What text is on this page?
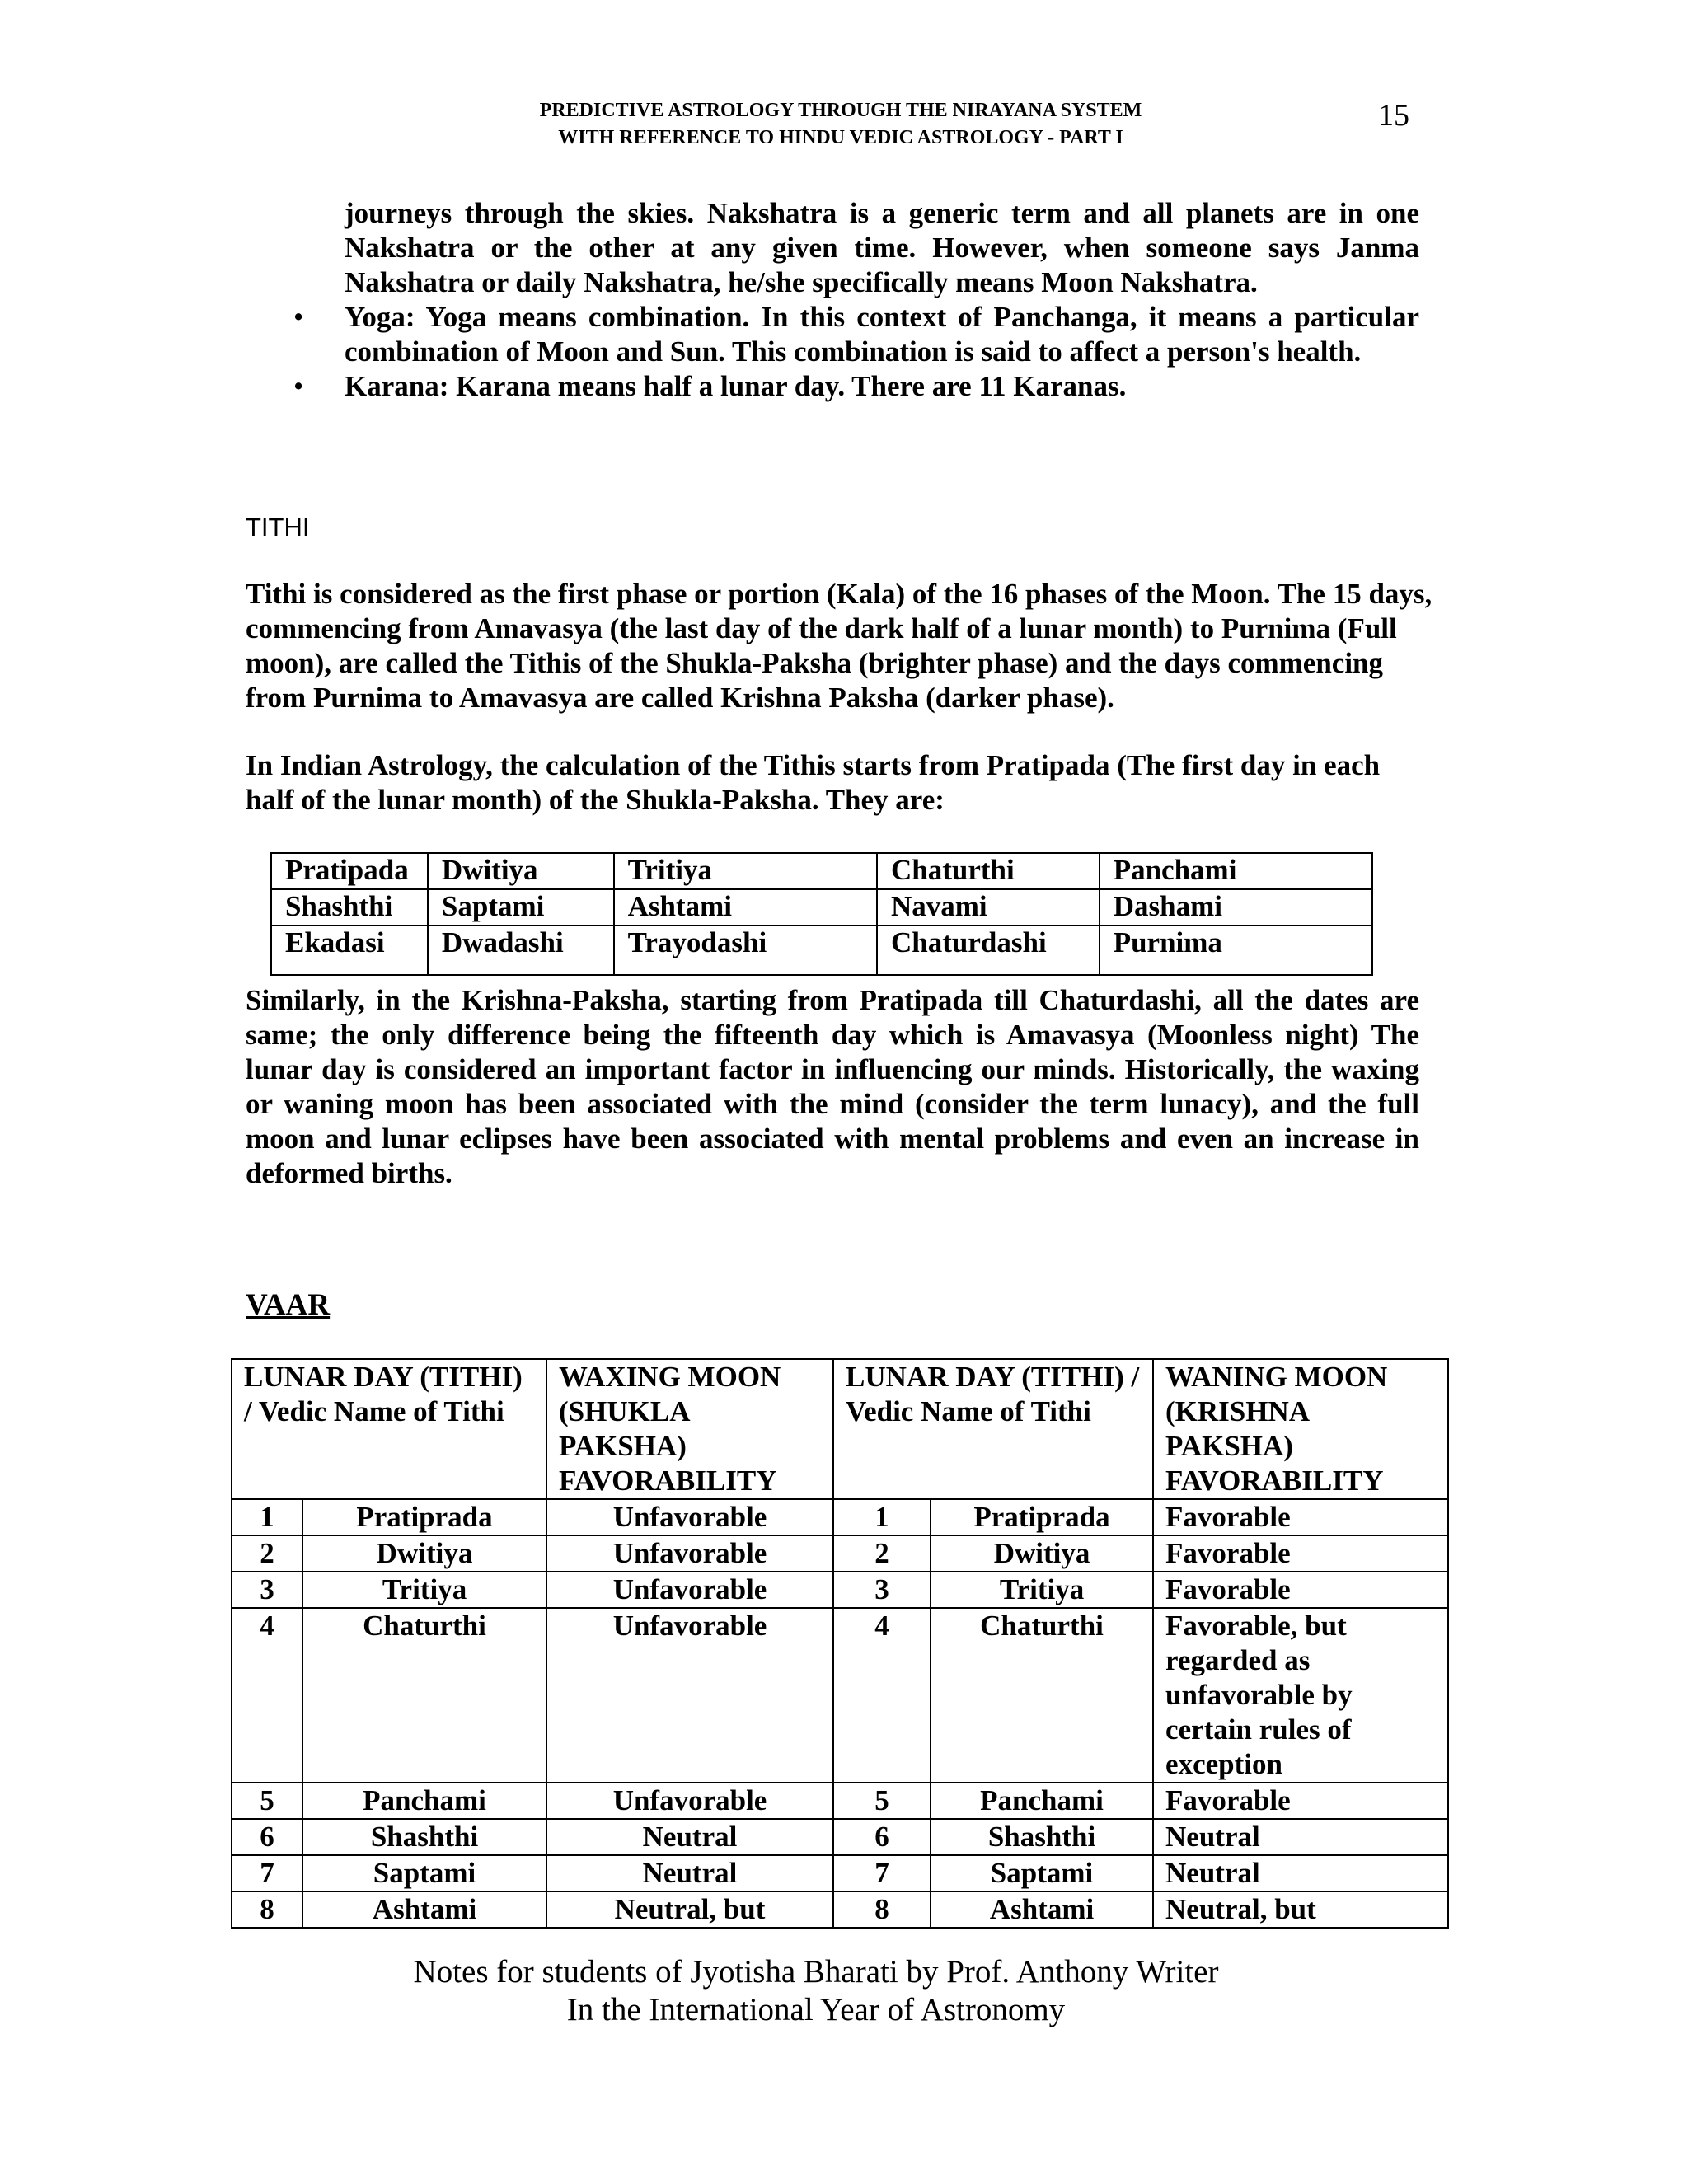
PREDICTIVE ASTROLOGY THROUGH THE NIRAYANA SYSTEM
WITH REFERENCE TO HINDU VEDIC ASTROLOGY - PART I
15
journeys through the skies. Nakshatra is a generic term and all planets are in one Nakshatra or the other at any given time. However, when someone says Janma Nakshatra or daily Nakshatra, he/she specifically means Moon Nakshatra.
• Yoga: Yoga means combination. In this context of Panchanga, it means a particular combination of Moon and Sun. This combination is said to affect a person's health.
• Karana: Karana means half a lunar day. There are 11 Karanas.
TITHI
Tithi is considered as the first phase or portion (Kala) of the 16 phases of the Moon. The 15 days, commencing from Amavasya (the last day of the dark half of a lunar month) to Purnima (Full moon), are called the Tithis of the Shukla-Paksha (brighter phase) and the days commencing from Purnima to Amavasya are called Krishna Paksha (darker phase).
In Indian Astrology, the calculation of the Tithis starts from Pratipada (The first day in each half of the lunar month) of the Shukla-Paksha. They are:
Pratipada	Dwitiya	Tritiya	Chaturthi	Panchami
Shashthi	Saptami	Ashtami	Navami	Dashami
Ekadasi	Dwadashi	Trayodashi	Chaturdashi	Purnima
Similarly, in the Krishna-Paksha, starting from Pratipada till Chaturdashi, all the dates are same; the only difference being the fifteenth day which is Amavasya (Moonless night) The lunar day is considered an important factor in influencing our minds. Historically, the waxing or waning moon has been associated with the mind (consider the term lunacy), and the full moon and lunar eclipses have been associated with mental problems and even an increase in deformed births.
VAAR
LUNAR DAY (TITHI) / Vedic Name of Tithi		WAXING MOON (SHUKLA PAKSHA) FAVORABILITY	LUNAR DAY (TITHI) / Vedic Name of Tithi		WANING MOON (KRISHNA PAKSHA) FAVORABILITY
1	Pratiprada	Unfavorable	1	Pratiprada	Favorable
2	Dwitiya	Unfavorable	2	Dwitiya	Favorable
3	Tritiya	Unfavorable	3	Tritiya	Favorable
4	Chaturthi	Unfavorable	4	Chaturthi	Favorable, but regarded as unfavorable by certain rules of exception
5	Panchami	Unfavorable	5	Panchami	Favorable
6	Shashthi	Neutral	6	Shashthi	Neutral
7	Saptami	Neutral	7	Saptami	Neutral
8	Ashtami	Neutral, but	8	Ashtami	Neutral, but
Notes for students of Jyotisha Bharati by Prof. Anthony Writer
In the International Year of Astronomy
